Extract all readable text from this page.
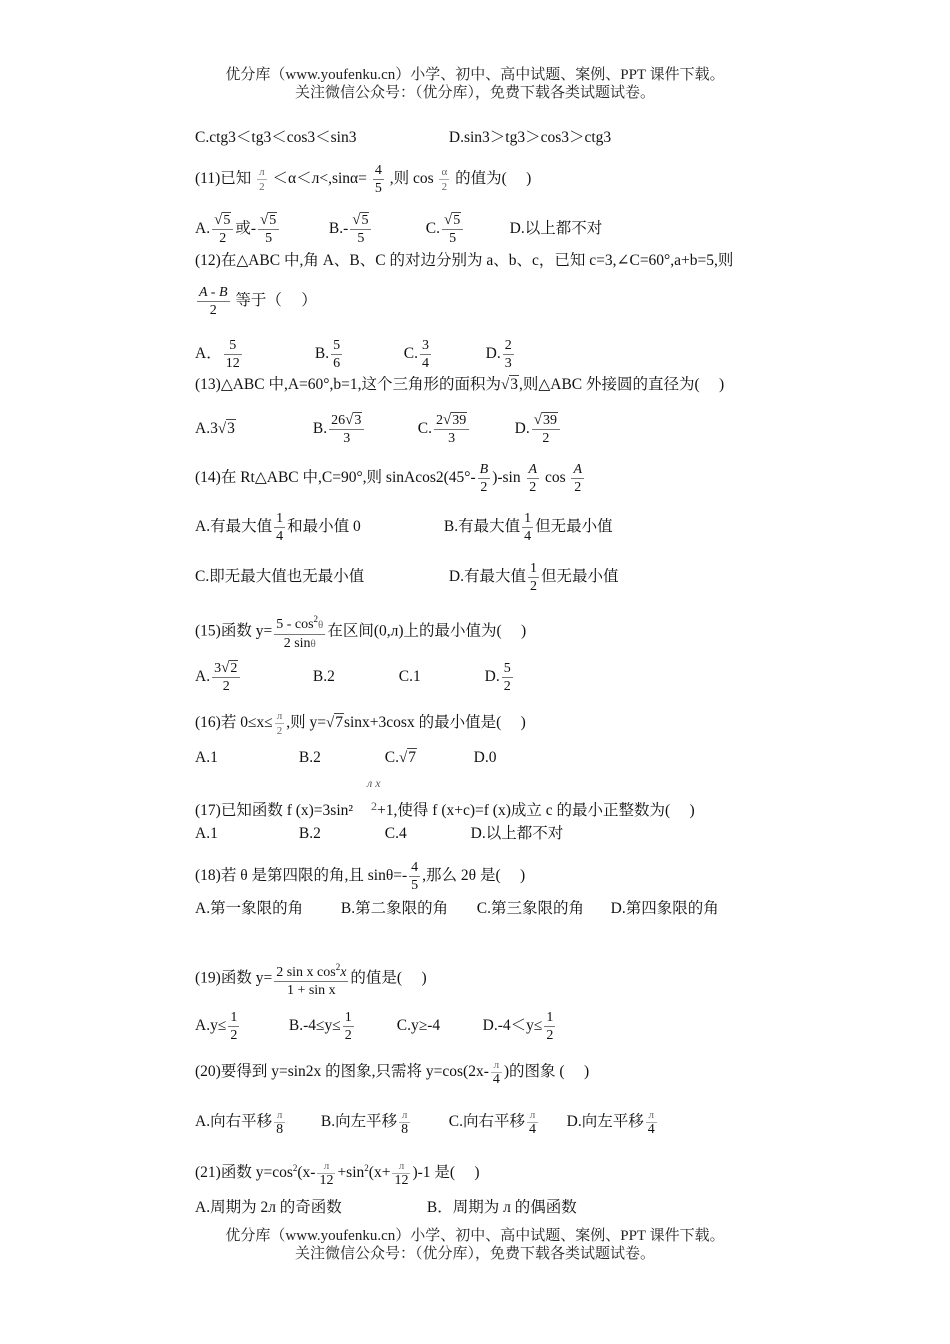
优分库（www.youfenku.cn）小学、初中、高中试题、案例、PPT 课件下载。
关注微信公众号：（优分库），免费下载各类试题试卷。
C.ctg3＜tg3＜cos3＜sin3	D.sin3＞tg3＞cos3＞ctg3
(11)已知 $\frac{л}{2} <\alpha<л<,\sin\alpha= \frac{4}{5}$ ,则 $\cos \frac{\alpha}{2}$ 的值为(　 )
A. $\frac{√5}{2}$ 或- $\frac{√5}{5}$	$B.- \frac{√5}{5}$	C. $\frac{√5}{5}$	D.以上都不对
(12)在△ABC 中,角 A、B、C 的对边分别为 a、b、c，已知 c=3,∠C=60°,a+b=5,则
$\frac{A - B}{2}$ 等于（　 ）
A． $\frac{5}{12}$	B. $\frac{5}{6}$	C. $\frac{3}{4}$	D. $\frac{2}{3}$
(13)△ABC 中,A=60°,b=1,这个三角形的面积为√3,则△ABC 外接圆的直径为(　 )
A.3√3	B. $\frac{26√3}{3}$	C. $\frac{2√39}{3}$	D. $\frac{√39}{2}$
(14)在 Rt△ABC 中,C=90°,则 sinAcos2(45°- $\frac{B}{2} )-\sin \frac{A}{2}$ $\cos \frac{A}{2}$
A.有最大值 $\frac{1}{4}$ 和最小值 0	B.有最大值 $\frac{1}{4}$ 但无最小值
C.即无最大值也无最小值	D.有最大值 $\frac{1}{2}$ 但无最小值
(15)函数 $y= \frac{5 - \cos^2\theta}{2 \sin\theta}$ 在区间(0,л)上的最小值为(　 )
A. $\frac{3√2}{2}$	B.2	C.1	D. $\frac{5}{2}$
(16)若 $0\le x\le \frac{л}{2}$ ,则 y=√7sinx+3cosx 的最小值是(　 )
A.1	B.2	C.√7	D.0
л x
2
(17)已知函数 f (x)=3sin² +1,使得 f (x+c)=f (x)成立 c 的最小正整数为(　 )
A.1	B.2	C.4	D.以上都不对
(18)若 θ 是第四限的角,且 $\sin\theta=- \frac{4}{5}$ ,那么 2θ 是(　 )
A.第一象限的角 B.第二象限的角 C.第三象限的角 D.第四象限的角
(19)函数 $y= \frac{2 \sin x \cos^2x}{\text{1 + sin x}}$ 的值是(　 )
$A.y\le \frac{1}{2}$	$B.-4\le y\le \frac{1}{2}$	C.y≥-4	$D.-4<y\le \frac{1}{2}$
(20)要得到 y=sin2x 的图象,只需将 $y=\cos(2x- \frac{л}{4}$ )的图象 (　 )
A.向右平移 $\frac{л}{8} B$.向左平移 $\frac{л}{8} C$.向右平移 $\frac{л}{4} D$.向左平移 $\frac{л}{4}$
(21)函数 $y=\cos^2(x- \frac{л}{12} +\sin^2(x+ \frac{л}{12} )-1$ 是(　 )
A.周期为 2л 的奇函数	B．周期为 л 的偶函数
优分库（www.youfenku.cn）小学、初中、高中试题、案例、PPT 课件下载。
关注微信公众号：（优分库），免费下载各类试题试卷。
